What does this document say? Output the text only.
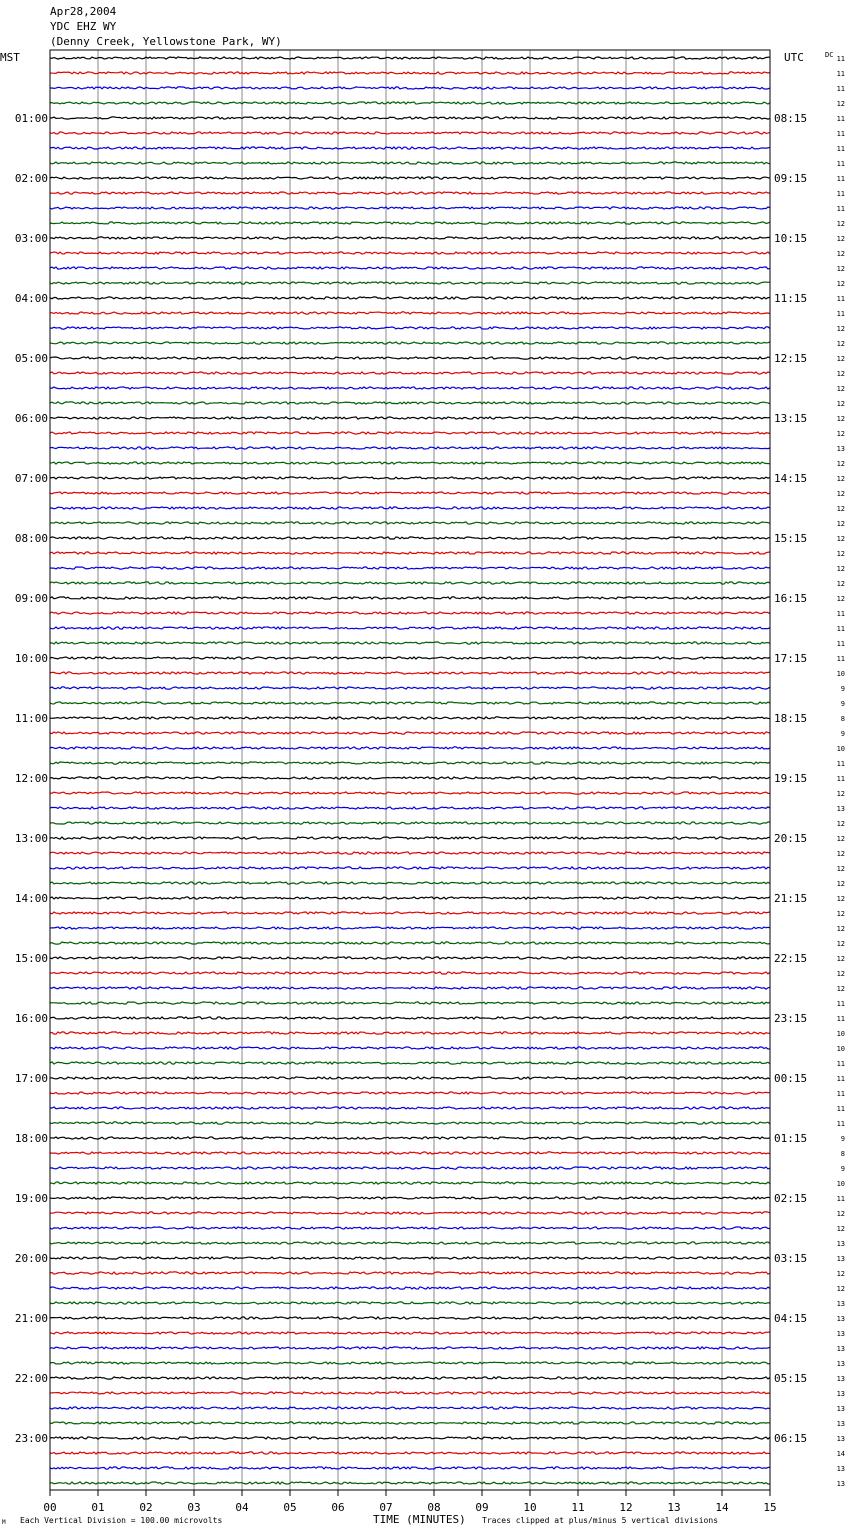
Apr28,2004
YDC EHZ WY
(Denny Creek, Yellowstone Park, WY)
00	01	02	03	04	05	06	07	08	09	10	11	12	13	14	15
01:00
02:00
03:00
04:00
05:00
06:00
07:00
08:00
09:00
10:00
11:00
12:00
13:00
14:00
15:00
16:00
17:00
18:00
19:00
20:00
21:00
22:00
23:00
08:15
09:15
10:15
11:15
12:15
13:15
14:15
15:15
16:15
17:15
18:15
19:15
20:15
21:15
22:15
23:15
00:15
01:15
02:15
03:15
04:15
05:15
06:15
11
11
11
12
11
11
11
11
11
11
11
12
12
12
12
12
11
11
12
12
12
12
12
12
12
12
13
12
12
12
12
12
12
12
12
12
12
11
11
11
11
10
9
9
8
9
10
11
11
12
13
12
12
12
12
12
12
12
12
12
12
12
12
11
11
10
10
11
11
11
11
11
9
8
9
10
11
12
12
13
13
12
12
13
13
13
13
13
13
13
13
13
13
14
13
13
MST	UTC	DC
TIME (MINUTES)
Each Vertical Division = 100.00 microvolts	Traces clipped at plus/minus 5 vertical divisions
M
